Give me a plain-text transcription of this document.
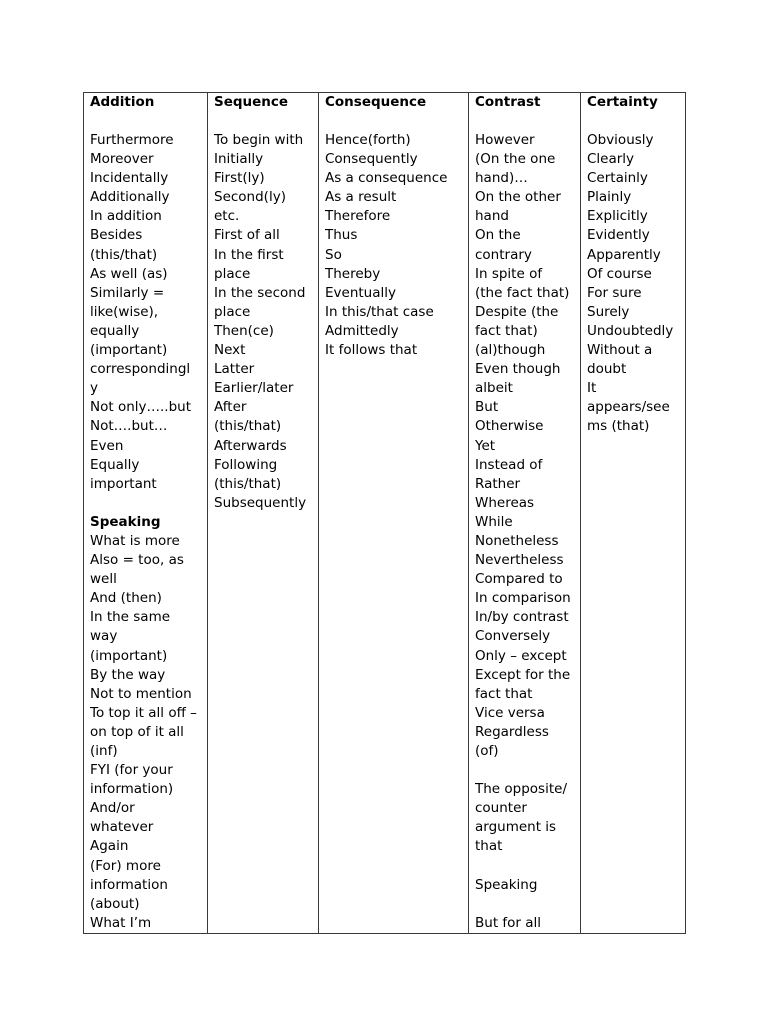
Addition
Furthermore
Moreover
Incidentally
Additionally
In addition
Besides
(this/that)
As well (as)
Similarly =
like(wise),
equally
(important)
correspondingl
y
Not only…..but
Not….but…
Even
Equally
important
Speaking
What is more
Also = too, as
well
And (then)
In the same
way
(important)
By the way
Not to mention
To top it all off –
on top of it all
(inf)
FYI (for your
information)
And/or
whatever
Again
(For) more
information
(about)
What I’m

Sequence
To begin with
Initially
First(ly)
Second(ly)
etc.
First of all
In the first
place
In the second
place
Then(ce)
Next
Latter
Earlier/later
After
(this/that)
Afterwards
Following
(this/that)
Subsequently

Consequence
Hence(forth)
Consequently
As a consequence
As a result
Therefore
Thus
So
Thereby
Eventually
In this/that case
Admittedly
It follows that

Contrast
However
(On the one
hand)…
On the other
hand
On the
contrary
In spite of
(the fact that)
Despite (the
fact that)
(al)though
Even though
albeit
But
Otherwise
Yet
Instead of
Rather
Whereas
While
Nonetheless
Nevertheless
Compared to
In comparison
In/by contrast
Conversely
Only – except
Except for the
fact that
Vice versa
Regardless
(of)
The opposite/
counter
argument is
that
Speaking
But for all

Certainty
Obviously
Clearly
Certainly
Plainly
Explicitly
Evidently
Apparently
Of course
For sure
Surely
Undoubtedly
Without a
doubt
It
appears/see
ms (that)
